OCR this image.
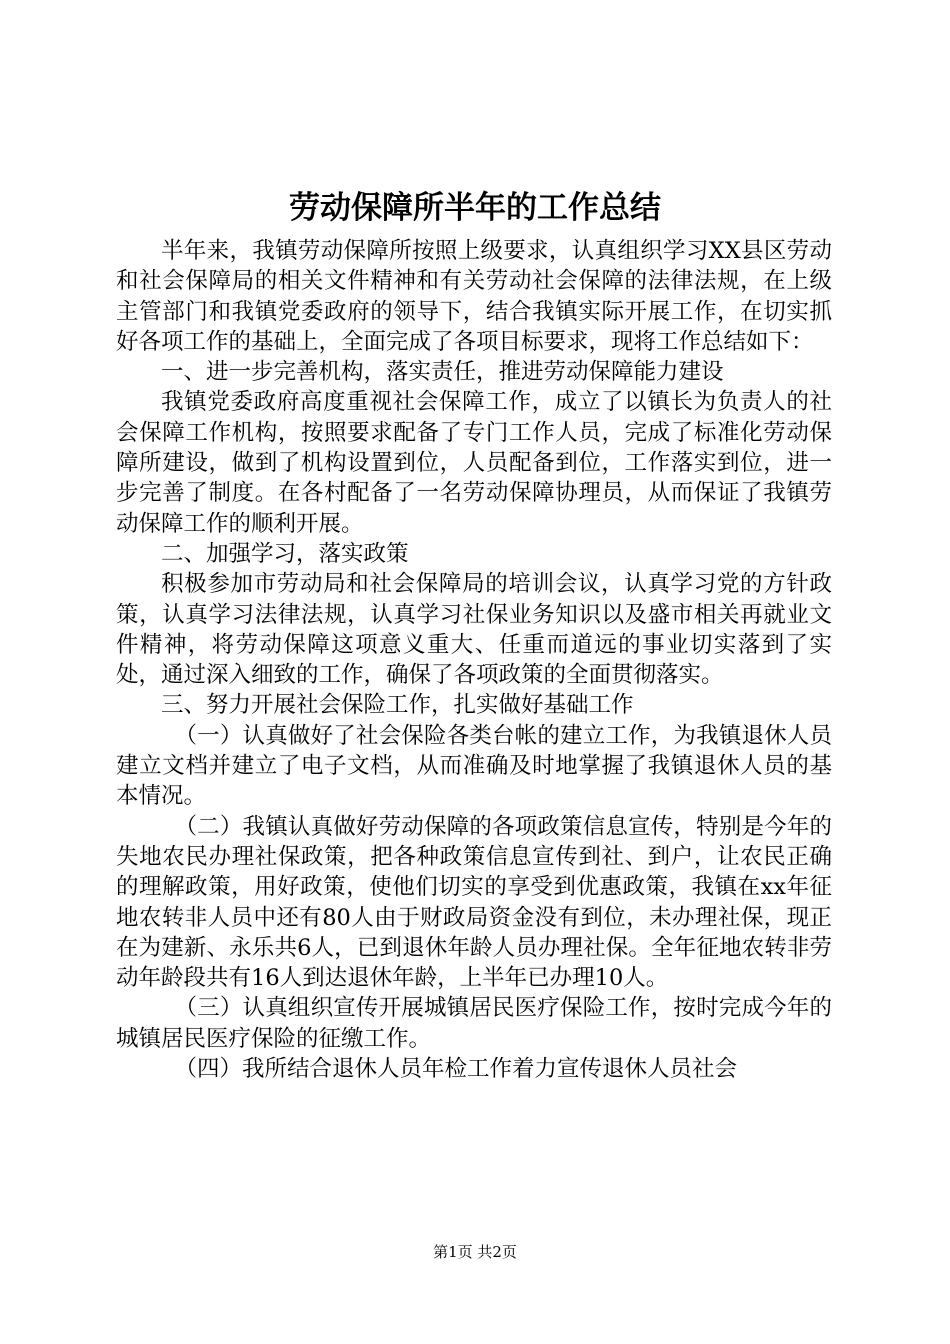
劳动保障所半年的工作总结

半年来，我镇劳动保障所按照上级要求，认真组织学习XX县区劳动和社会保障局的相关文件精神和有关劳动社会保障的法律法规，在上级主管部门和我镇党委政府的领导下，结合我镇实际开展工作，在切实抓好各项工作的基础上，全面完成了各项目标要求，现将工作总结如下：

一、进一步完善机构，落实责任，推进劳动保障能力建设

我镇党委政府高度重视社会保障工作，成立了以镇长为负责人的社会保障工作机构，按照要求配备了专门工作人员，完成了标准化劳动保障所建设，做到了机构设置到位，人员配备到位，工作落实到位，进一步完善了制度。在各村配备了一名劳动保障协理员，从而保证了我镇劳动保障工作的顺利开展。

二、加强学习，落实政策

积极参加市劳动局和社会保障局的培训会议，认真学习党的方针政策，认真学习法律法规，认真学习社保业务知识以及盛市相关再就业文件精神，将劳动保障这项意义重大、任重而道远的事业切实落到了实处，通过深入细致的工作，确保了各项政策的全面贯彻落实。

三、努力开展社会保险工作，扎实做好基础工作

（一）认真做好了社会保险各类台帐的建立工作，为我镇退休人员建立文档并建立了电子文档，从而准确及时地掌握了我镇退休人员的基本情况。

（二）我镇认真做好劳动保障的各项政策信息宣传，特别是今年的失地农民办理社保政策，把各种政策信息宣传到社、到户，让农民正确的理解政策，用好政策，使他们切实的享受到优惠政策，我镇在xx年征地农转非人员中还有80人由于财政局资金没有到位，未办理社保，现正在为建新、永乐共6人，已到退休年龄人员办理社保。全年征地农转非劳动年龄段共有16人到达退休年龄，上半年已办理10人。

（三）认真组织宣传开展城镇居民医疗保险工作，按时完成今年的城镇居民医疗保险的征缴工作。

（四）我所结合退休人员年检工作着力宣传退休人员社会

第1页 共2页
